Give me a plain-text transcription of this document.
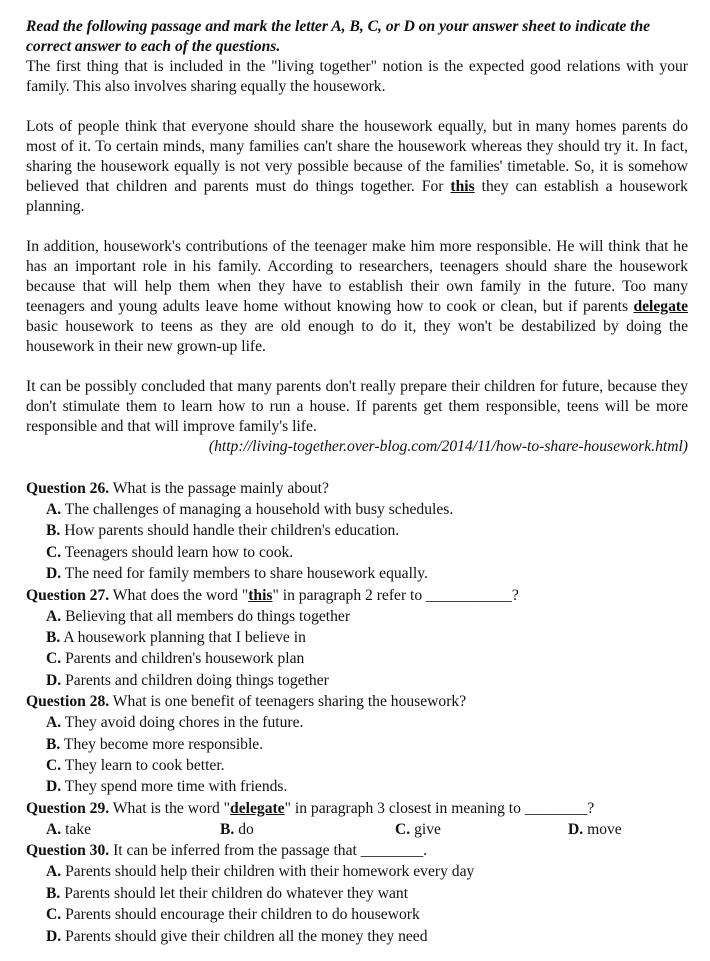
Read the following passage and mark the letter A, B, C, or D on your answer sheet to indicate the correct answer to each of the questions.

The first thing that is included in the "living together" notion is the expected good relations with your family. This also involves sharing equally the housework.

Lots of people think that everyone should share the housework equally, but in many homes parents do most of it. To certain minds, many families can't share the housework whereas they should try it. In fact, sharing the housework equally is not very possible because of the families' timetable. So, it is somehow believed that children and parents must do things together. For this they can establish a housework planning.

In addition, housework's contributions of the teenager make him more responsible. He will think that he has an important role in his family. According to researchers, teenagers should share the housework because that will help them when they have to establish their own family in the future. Too many teenagers and young adults leave home without knowing how to cook or clean, but if parents delegate basic housework to teens as they are old enough to do it, they won't be destabilized by doing the housework in their new grown-up life.

It can be possibly concluded that many parents don't really prepare their children for future, because they don't stimulate them to learn how to run a house. If parents get them responsible, teens will be more responsible and that will improve family's life.

(http://living-together.over-blog.com/2014/11/how-to-share-housework.html)

Question 26. What is the passage mainly about?
A. The challenges of managing a household with busy schedules.
B. How parents should handle their children's education.
C. Teenagers should learn how to cook.
D. The need for family members to share housework equally.
Question 27. What does the word "this" in paragraph 2 refer to ___________?
A. Believing that all members do things together
B. A housework planning that I believe in
C. Parents and children's housework plan
D. Parents and children doing things together
Question 28. What is one benefit of teenagers sharing the housework?
A. They avoid doing chores in the future.
B. They become more responsible.
C. They learn to cook better.
D. They spend more time with friends.
Question 29. What is the word "delegate" in paragraph 3 closest in meaning to ________?
A. take	B. do	C. give	D. move
Question 30. It can be inferred from the passage that ________.
A. Parents should help their children with their homework every day
B. Parents should let their children do whatever they want
C. Parents should encourage their children to do housework
D. Parents should give their children all the money they need
